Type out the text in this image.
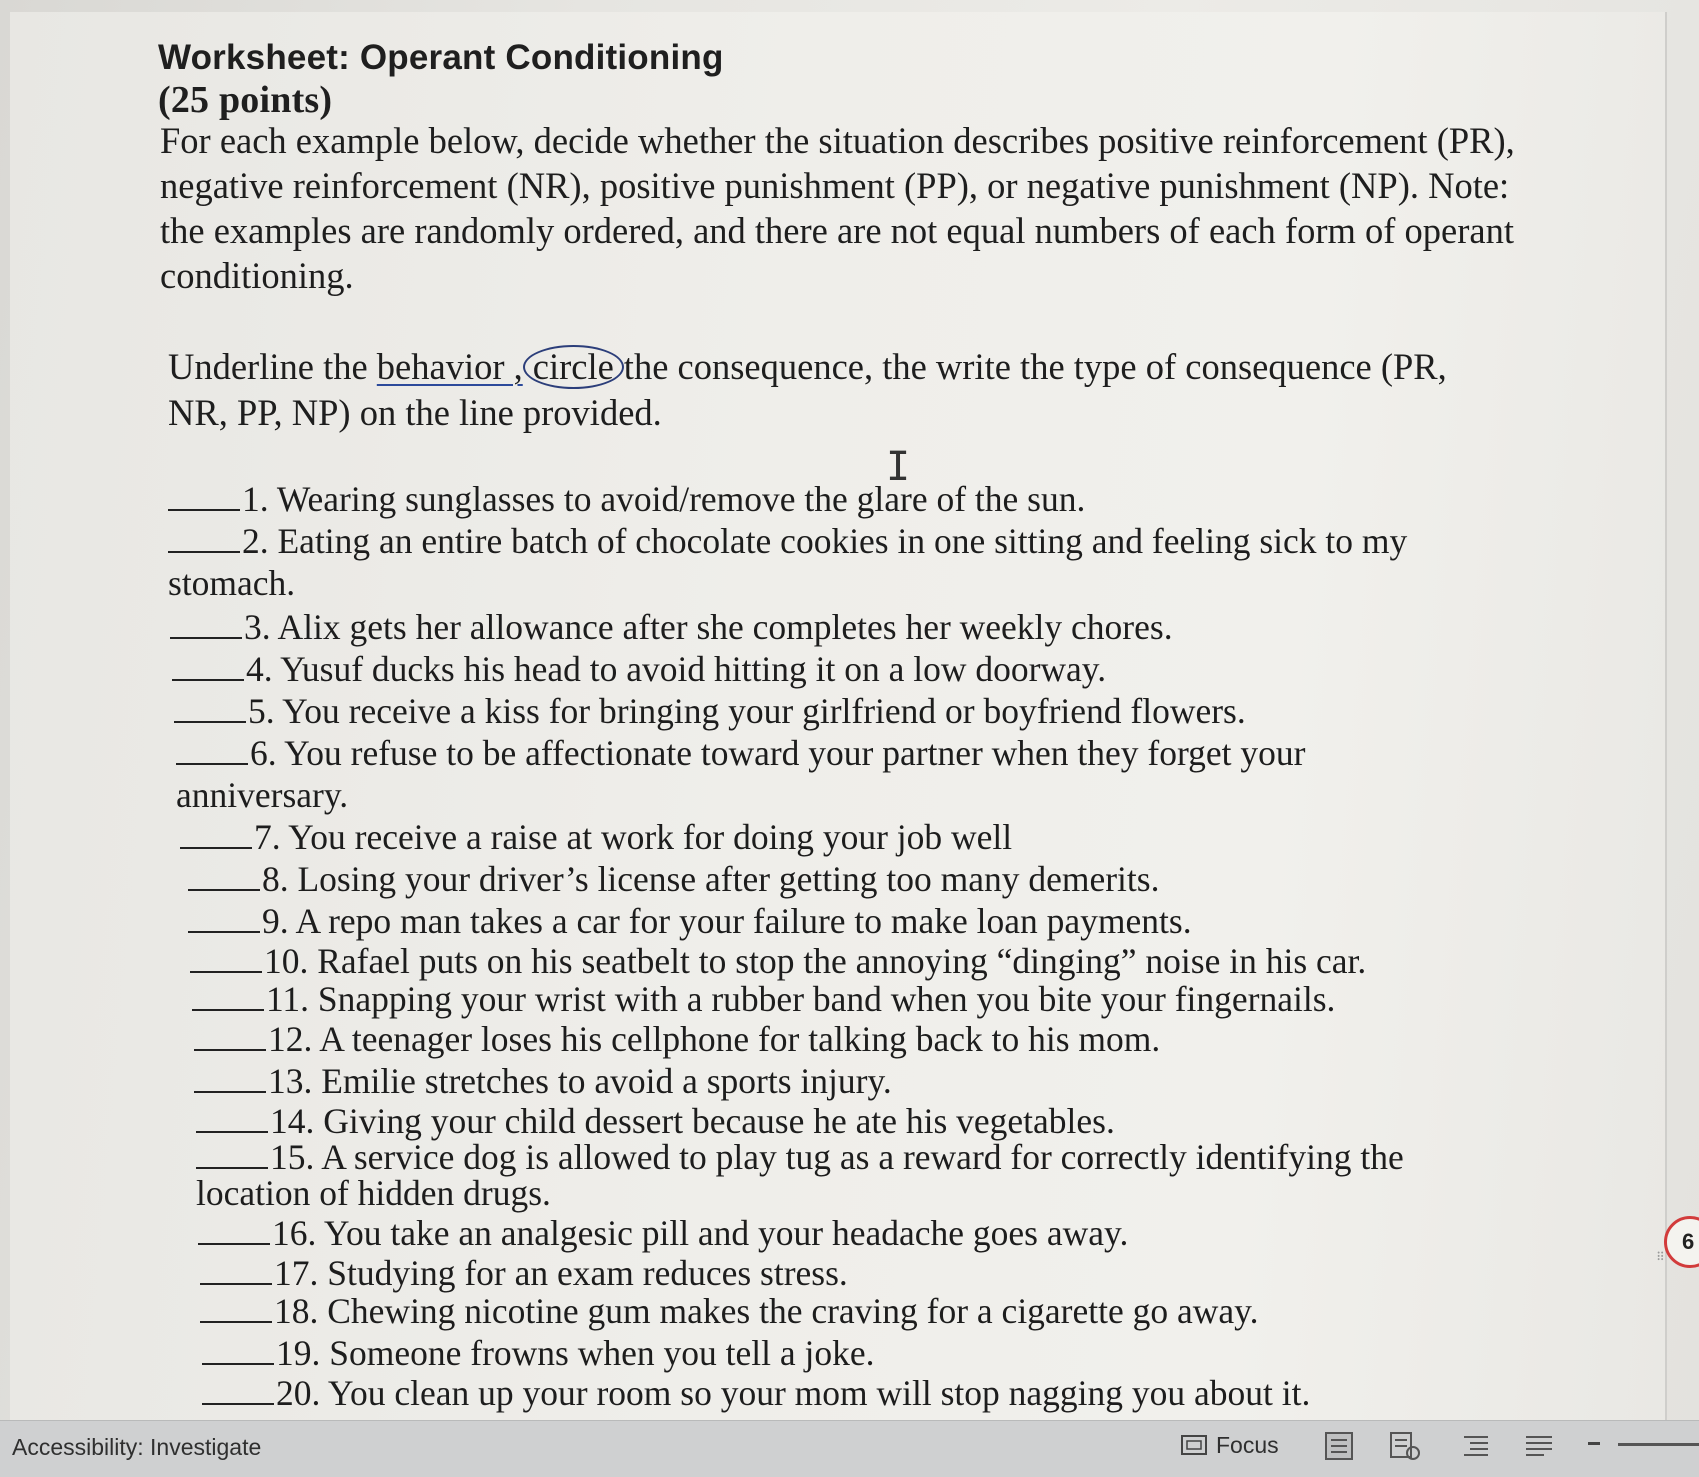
Worksheet: Operant Conditioning
(25 points)
For each example below, decide whether the situation describes positive reinforcement (PR), negative reinforcement (NR), positive punishment (PP), or negative punishment (NP). Note: the examples are randomly ordered, and there are not equal numbers of each form of operant conditioning.
Underline the behavior , circle the consequence, the write the type of consequence (PR,
NR, PP, NP) on the line provided.
I
1. Wearing sunglasses to avoid/remove the glare of the sun.
2. Eating an entire batch of chocolate cookies in one sitting and feeling sick to my
stomach.
3. Alix gets her allowance after she completes her weekly chores.
4. Yusuf ducks his head to avoid hitting it on a low doorway.
5. You receive a kiss for bringing your girlfriend or boyfriend flowers.
6. You refuse to be affectionate toward your partner when they forget your
anniversary.
7. You receive a raise at work for doing your job well
8. Losing your driver’s license after getting too many demerits.
9. A repo man takes a car for your failure to make loan payments.
10. Rafael puts on his seatbelt to stop the annoying “dinging” noise in his car.
11. Snapping your wrist with a rubber band when you bite your fingernails.
12. A teenager loses his cellphone for talking back to his mom.
13. Emilie stretches to avoid a sports injury.
14. Giving your child dessert because he ate his vegetables.
15. A service dog is allowed to play tug as a reward for correctly identifying the
location of hidden drugs.
16. You take an analgesic pill and your headache goes away.
17. Studying for an exam reduces stress.
18. Chewing nicotine gum makes the craving for a cigarette go away.
19. Someone frowns when you tell a joke.
20. You clean up your room so your mom will stop nagging you about it.
6
⠿
Accessibility: Investigate	Focus
